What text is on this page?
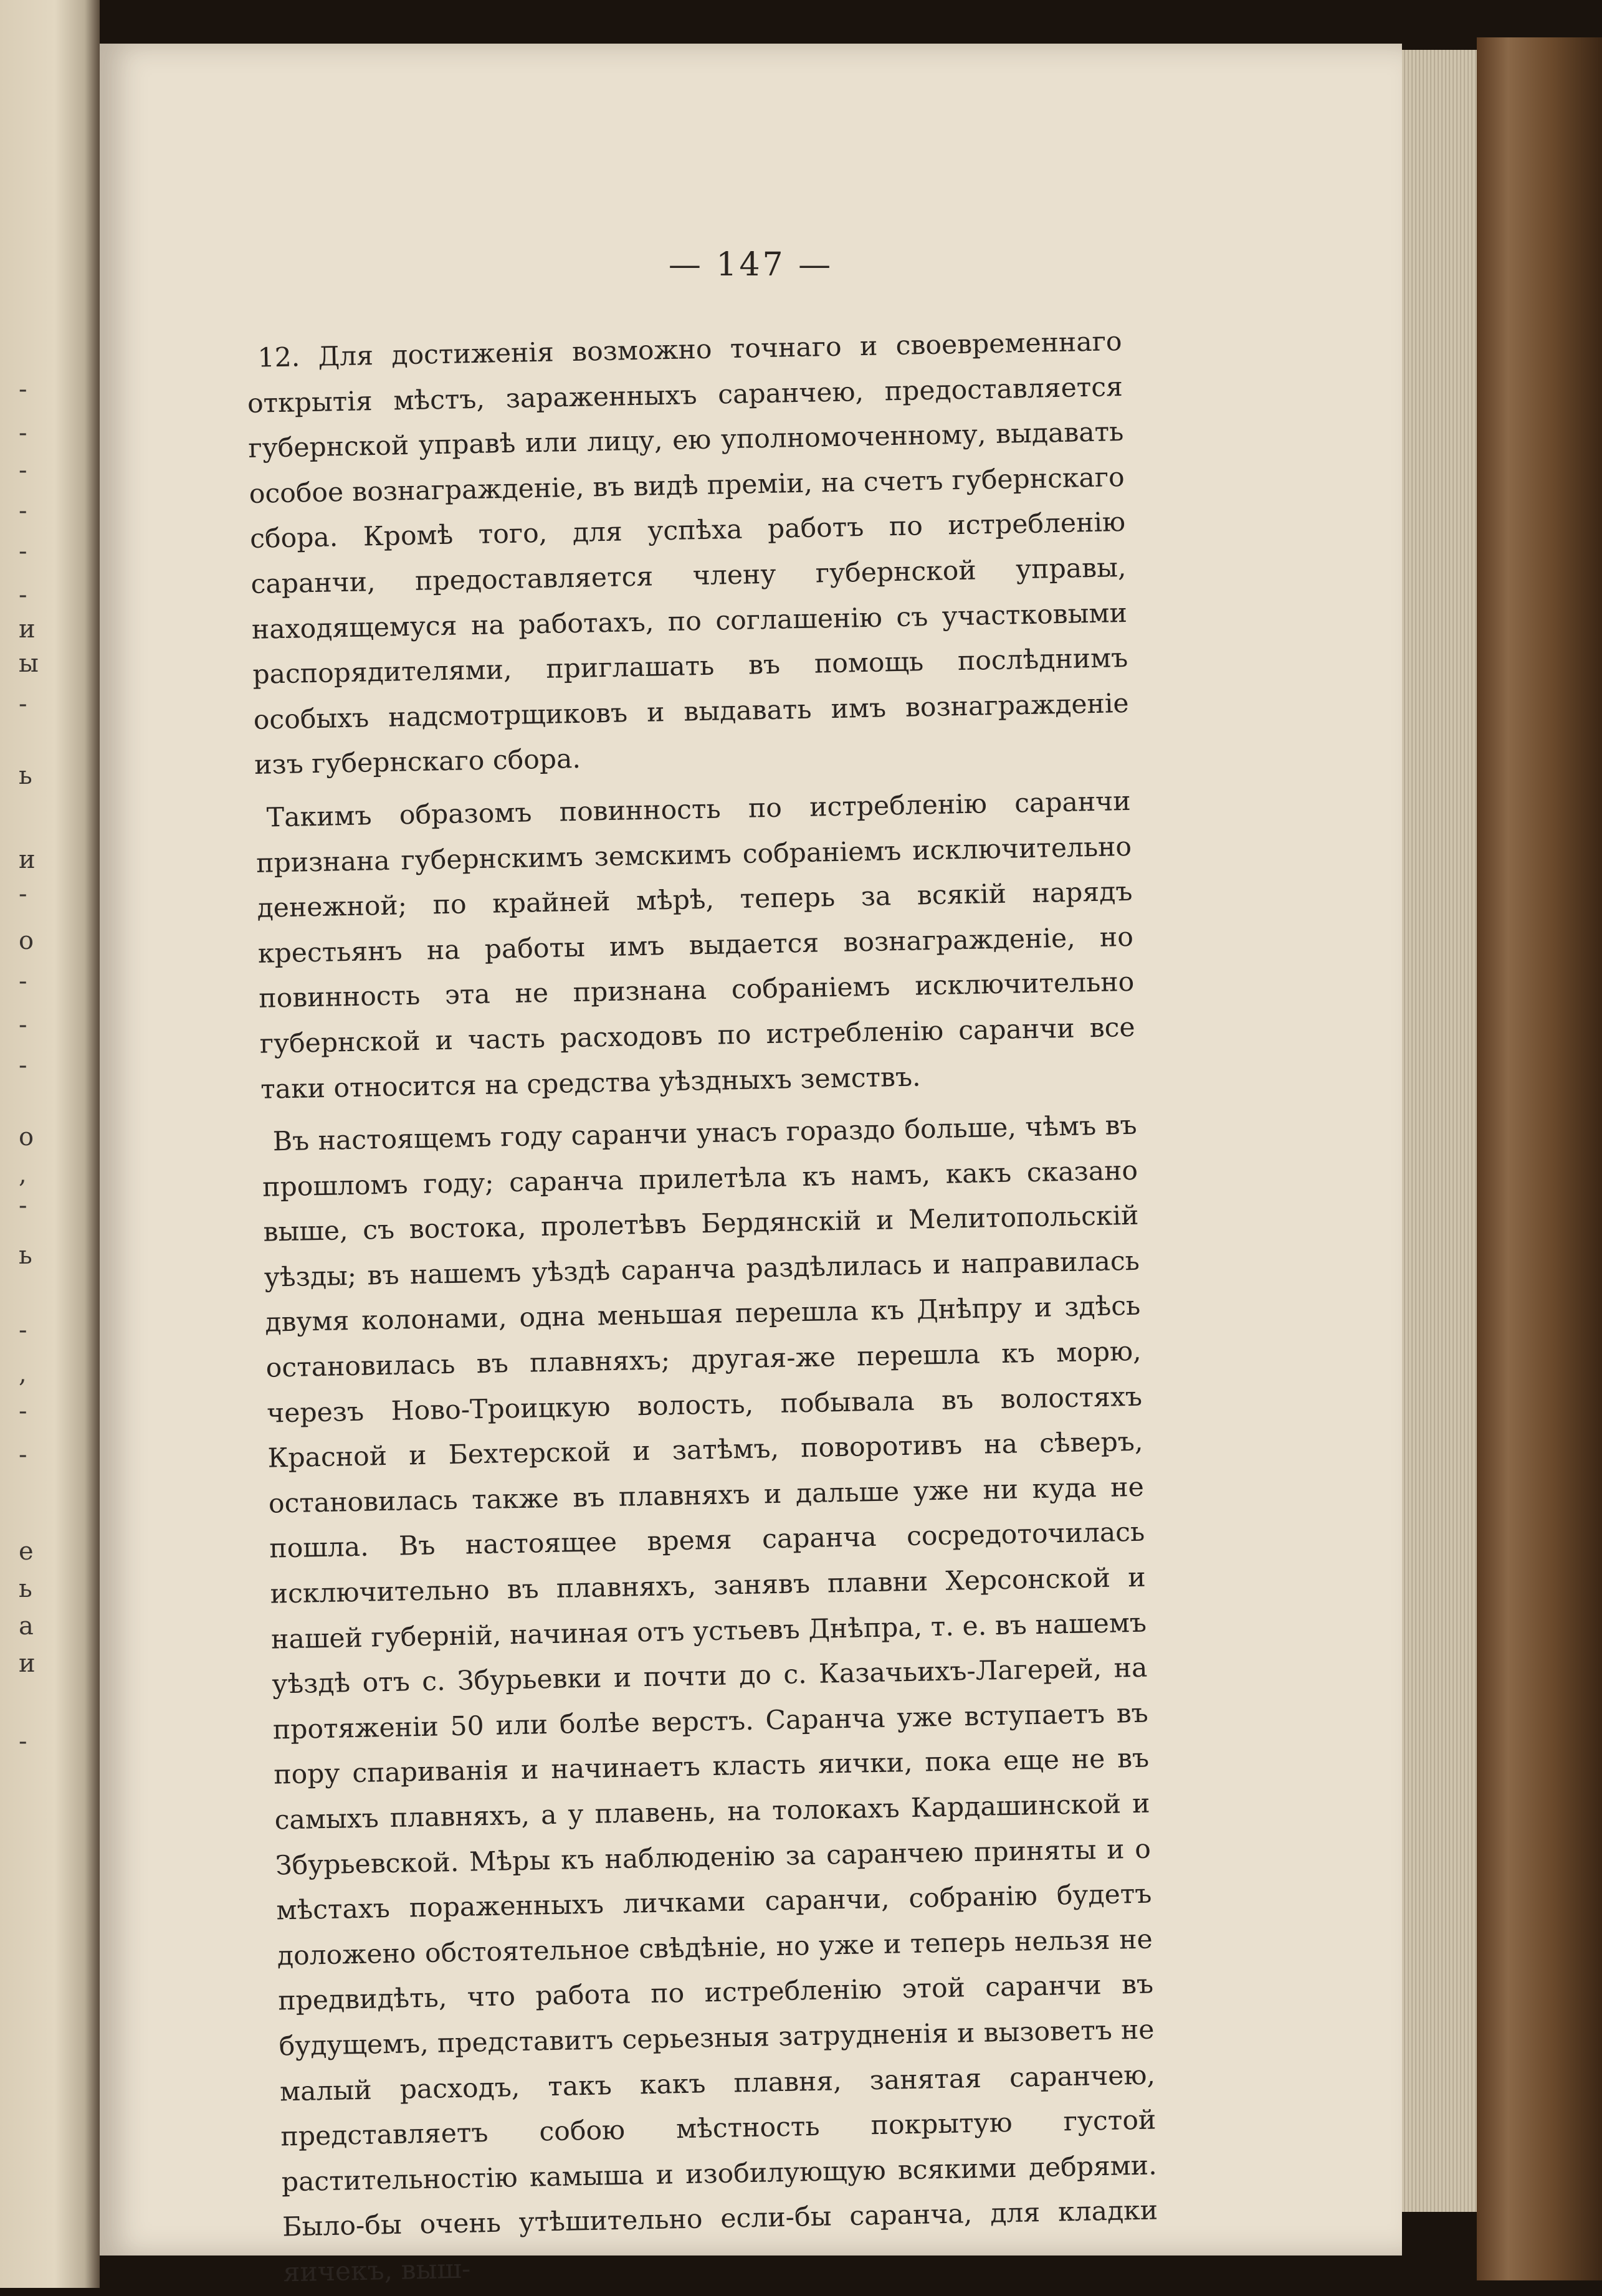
-
-
-
-
-
-
и
ы
-
ь
и
-
о
-
-
-
о
,
-
ь
-
,
-
-
е
ь
а
и
-
— 147 —

12. Для достиженія возможно точнаго и своевременнаго открытія мѣстъ, зараженныхъ саранчею, предоставляется губернской управѣ или лицу, ею уполномоченному, выдавать особое вознагражденіе, въ видѣ преміи, на счетъ губернскаго сбора. Кромѣ того, для успѣха работъ по истребленію саранчи, предоставляется члену губернской управы, находящемуся на работахъ, по соглашенію съ участковыми распорядителями, приглашать въ помощь послѣднимъ особыхъ надсмотрщиковъ и выдавать имъ вознагражденіе изъ губернскаго сбора.

Такимъ образомъ повинность по истребленію саранчи признана губернскимъ земскимъ собраніемъ исключительно денежной; по крайней мѣрѣ, теперь за всякій нарядъ крестьянъ на работы имъ выдается вознагражденіе, но повинность эта не признана собраніемъ исключительно губернской и часть расходовъ по истребленію саранчи все таки относится на средства уѣздныхъ земствъ.

Въ настоящемъ году саранчи унасъ гораздо больше, чѣмъ въ прошломъ году; саранча прилетѣла къ намъ, какъ сказано выше, съ востока, пролетѣвъ Бердянскій и Мелитопольскій уѣзды; въ нашемъ уѣздѣ саранча раздѣлилась и направилась двумя колонами, одна меньшая перешла къ Днѣпру и здѣсь остановилась въ плавняхъ; другая-же перешла къ морю, черезъ Ново-Троицкую волость, побывала въ волостяхъ Красной и Бехтерской и затѣмъ, поворотивъ на сѣверъ, остановилась также въ плавняхъ и дальше уже ни куда не пошла. Въ настоящее время саранча сосредоточилась исключительно въ плавняхъ, занявъ плавни Херсонской и нашей губерній, начиная отъ устьевъ Днѣпра, т. е. въ нашемъ уѣздѣ отъ с. Збурьевки и почти до с. Казачьихъ-Лагерей, на протяженіи 50 или болѣе верстъ. Саранча уже вступаетъ въ пору спариванія и начинаетъ класть яички, пока еще не въ самыхъ плавняхъ, а у плавень, на толокахъ Кардашинской и Збурьевской. Мѣры къ наблюденію за саранчею приняты и о мѣстахъ пораженныхъ личками саранчи, собранію будетъ доложено обстоятельное свѣдѣніе, но уже и теперь нельзя не предвидѣть, что работа по истребленію этой саранчи въ будущемъ, представитъ серьезныя затрудненія и вызоветъ не малый расходъ, такъ какъ плавня, занятая саранчею, представляетъ собою мѣстность покрытую густой растительностію камыша и изобилующую всякими дебрями. Было-бы очень утѣшительно если-бы саранча, для кладки яичекъ, выш-
